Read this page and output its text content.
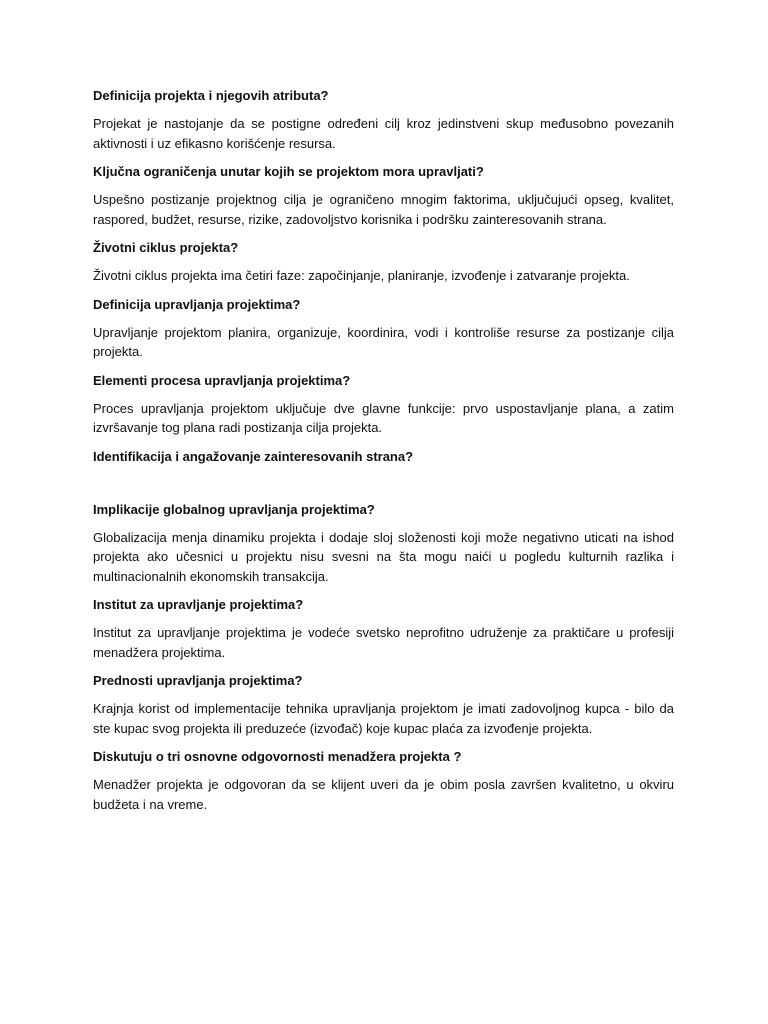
Definicija projekta i njegovih atributa?
Projekat je nastojanje da se postigne određeni cilj kroz jedinstveni skup međusobno povezanih aktivnosti i uz efikasno korišćenje resursa.
Ključna ograničenja unutar kojih se projektom mora upravljati?
Uspešno postizanje projektnog cilja je ograničeno mnogim faktorima, uključujući opseg, kvalitet, raspored, budžet, resurse, rizike, zadovoljstvo korisnika i podršku zainteresovanih strana.
Životni ciklus projekta?
Životni ciklus projekta ima četiri faze: započinjanje, planiranje, izvođenje i zatvaranje projekta.
Definicija upravljanja projektima?
Upravljanje projektom planira, organizuje, koordinira, vodi i kontroliše resurse za postizanje cilja projekta.
Elementi procesa upravljanja projektima?
Proces upravljanja projektom uključuje dve glavne funkcije: prvo uspostavljanje plana, a zatim izvršavanje tog plana radi postizanja cilja projekta.
Identifikacija i angažovanje zainteresovanih strana?
Implikacije globalnog upravljanja projektima?
Globalizacija menja dinamiku projekta i dodaje sloj složenosti koji može negativno uticati na ishod projekta ako učesnici u projektu nisu svesni na šta mogu naići u pogledu kulturnih razlika i multinacionalnih ekonomskih transakcija.
Institut za upravljanje projektima?
Institut za upravljanje projektima je vodeće svetsko neprofitno udruženje za praktičare u profesiji menadžera projektima.
Prednosti upravljanja projektima?
Krajnja korist od implementacije tehnika upravljanja projektom je imati zadovoljnog kupca - bilo da ste kupac svog projekta ili preduzeće (izvođač) koje kupac plaća za izvođenje projekta.
Diskutuju o tri osnovne odgovornosti menadžera projekta ?
Menadžer projekta je odgovoran da se klijent uveri da je obim posla završen kvalitetno, u okviru budžeta i na vreme.
